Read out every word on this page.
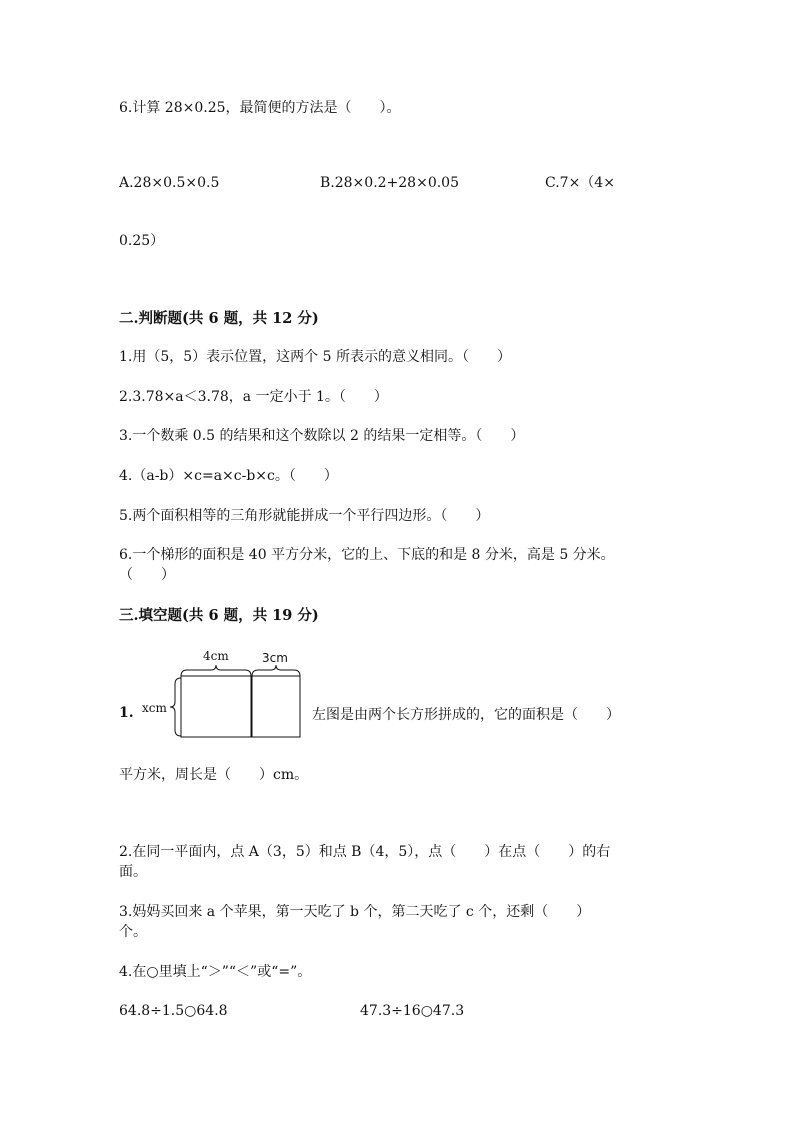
6.计算 28×0.25，最简便的方法是（　　）。
A.28×0.5×0.5	B.28×0.2+28×0.05	C.7×（4×
0.25）
二.判断题(共 6 题，共 12 分)
1.用（5，5）表示位置，这两个 5 所表示的意义相同。（　　）
2.3.78×a＜3.78，a 一定小于 1。（　　）
3.一个数乘 0.5 的结果和这个数除以 2 的结果一定相等。（　　）
4.（a-b）×c=a×c-b×c。（　　）
5.两个面积相等的三角形就能拼成一个平行四边形。（　　）
6.一个梯形的面积是 40 平方分米，它的上、下底的和是 8 分米，高是 5 分米。
（　　）
三.填空题(共 6 题，共 19 分)
1.
4cm	3cm
xcm	左图是由两个长方形拼成的，它的面积是（　　）
平方米，周长是（　　）cm。
2.在同一平面内，点 A（3，5）和点 B（4，5），点（　　）在点（　　）的右
面。
3.妈妈买回来 a 个苹果，第一天吃了 b 个，第二天吃了 c 个，还剩（　　）
个。
4.在○里填上“＞”“＜”或“=”。
64.8÷1.5○64.8	47.3÷16○47.3
